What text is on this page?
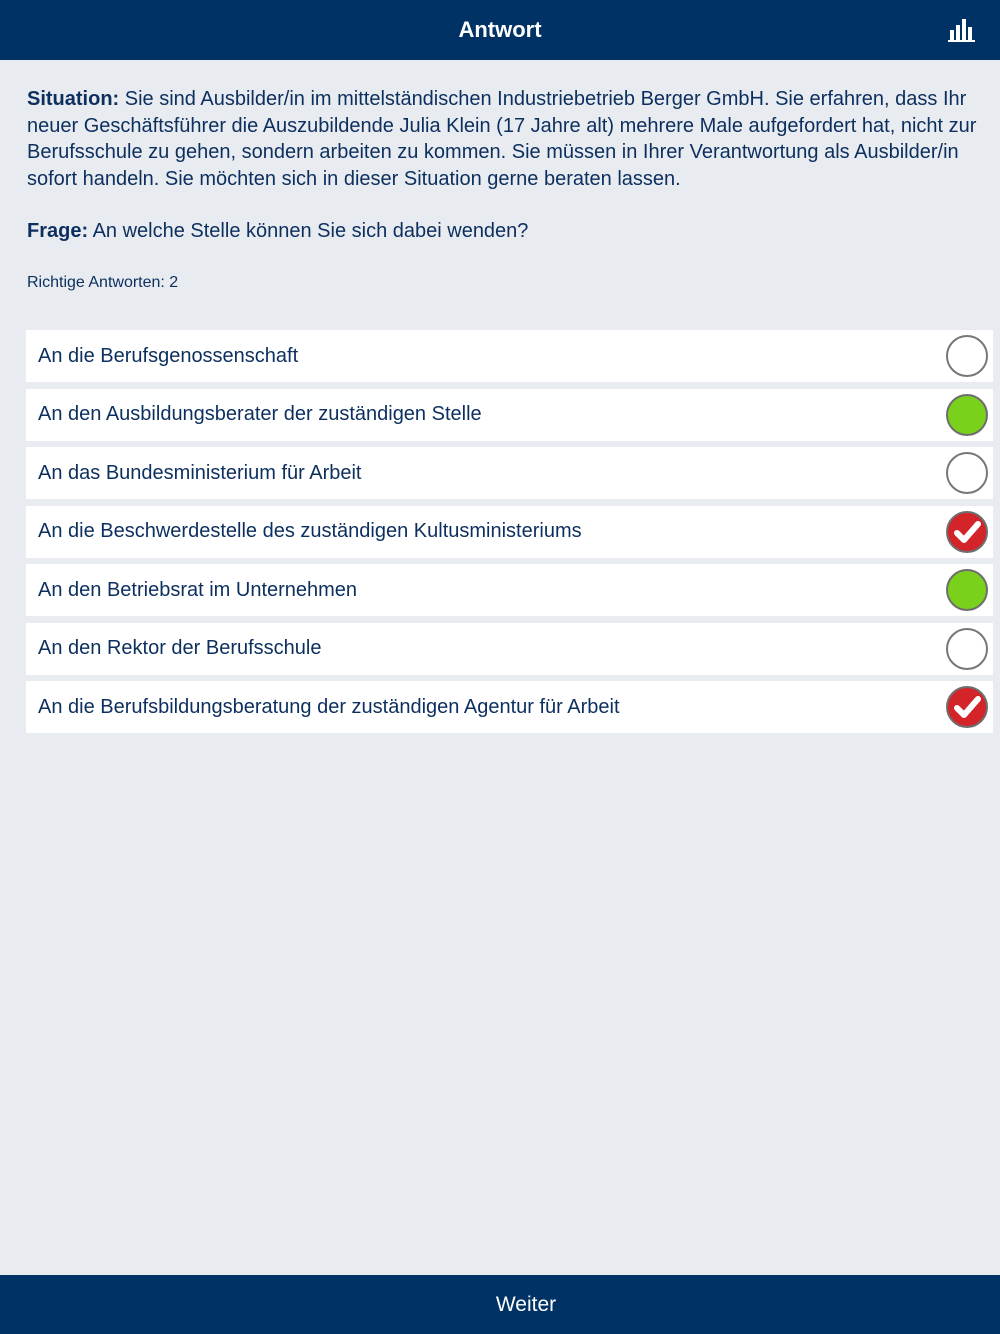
Antwort

Situation: Sie sind Ausbilder/in im mittelständischen Industriebetrieb Berger GmbH. Sie erfahren, dass Ihr neuer Geschäftsführer die Auszubildende Julia Klein (17 Jahre alt) mehrere Male aufgefordert hat, nicht zur Berufsschule zu gehen, sondern arbeiten zu kommen. Sie müssen in Ihrer Verantwortung als Ausbilder/in sofort handeln. Sie möchten sich in dieser Situation gerne beraten lassen.

Frage: An welche Stelle können Sie sich dabei wenden?

Richtige Antworten: 2

An die Berufsgenossenschaft
An den Ausbildungsberater der zuständigen Stelle
An das Bundesministerium für Arbeit
An die Beschwerdestelle des zuständigen Kultusministeriums
An den Betriebsrat im Unternehmen
An den Rektor der Berufsschule
An die Berufsbildungsberatung der zuständigen Agentur für Arbeit
Weiter
